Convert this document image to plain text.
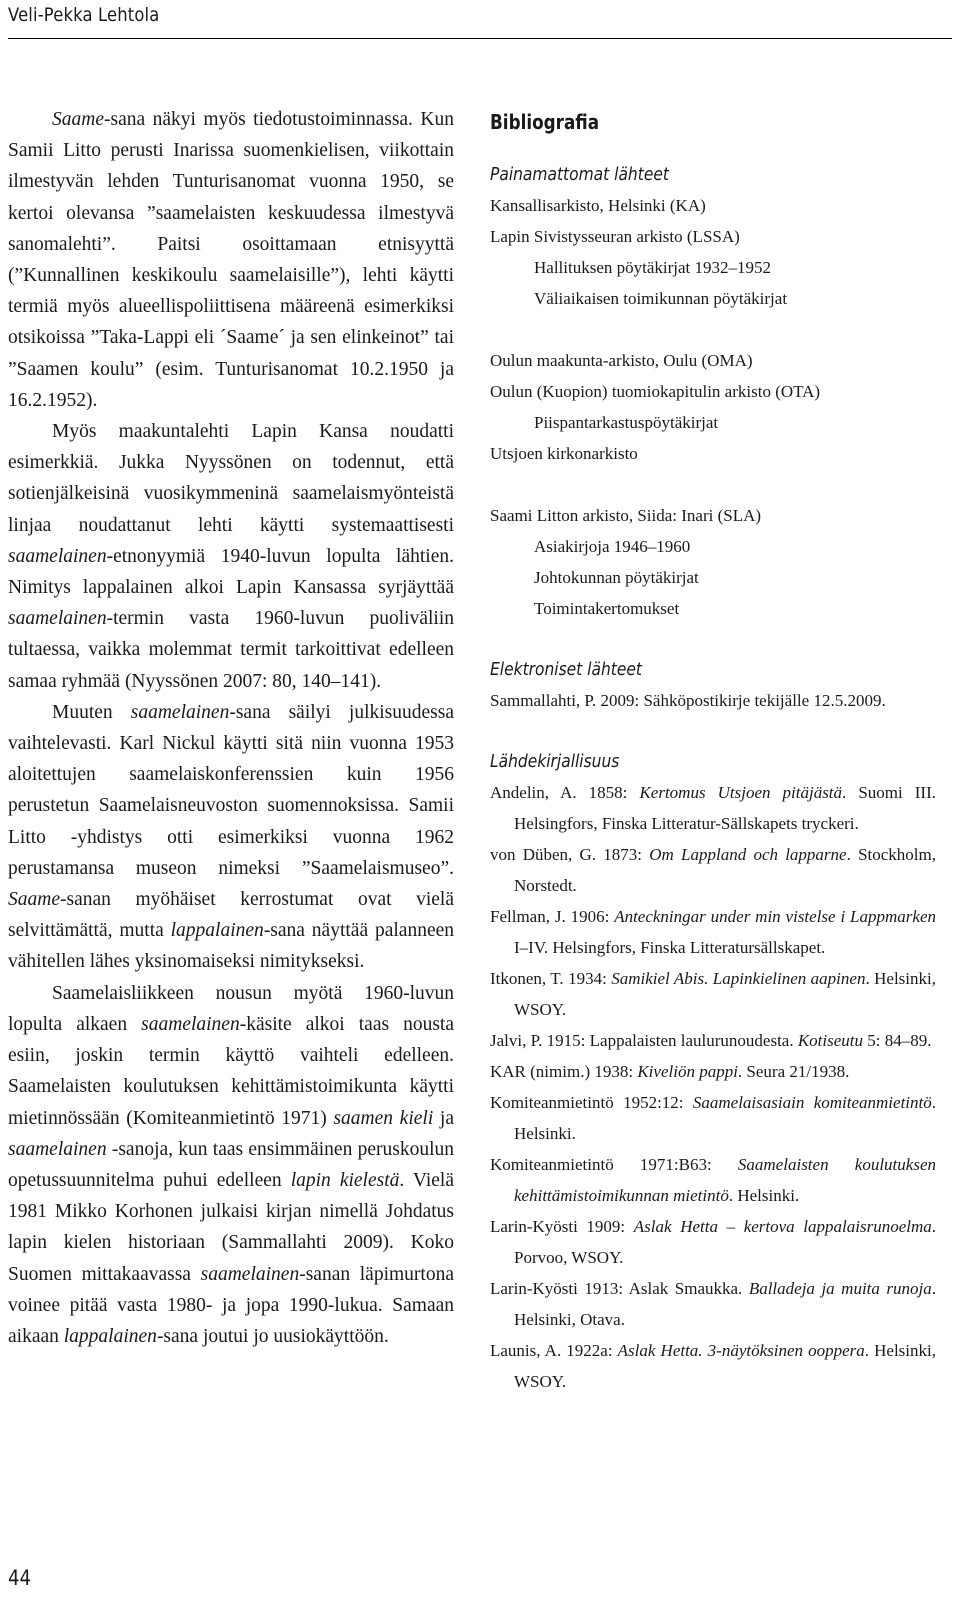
Veli-Pekka Lehtola

Saame-sana näkyi myös tiedotustoiminnassa. Kun Samii Litto perusti Inarissa suomenkielisen, viikottain ilmestyvän lehden Tunturisanomat vuonna 1950, se kertoi olevansa ”saamelaisten keskuudessa ilmestyvä sanomalehti”. Paitsi osoittamaan etnisyyttä (”Kunnallinen keskikoulu saamelaisille”), lehti käytti termiä myös alueellispoliittisena määreenä esimerkiksi otsikoissa ”Taka-Lappi eli ´Saame´ ja sen elinkeinot” tai ”Saamen koulu” (esim. Tunturisanomat 10.2.1950 ja 16.2.1952).

Myös maakuntalehti Lapin Kansa noudatti esimerkkiä. Jukka Nyyssönen on todennut, että sotienjälkeisinä vuosikymmeninä saamelaismyönteistä linjaa noudattanut lehti käytti systemaattisesti saamelainen-etnonyymiä 1940-luvun lopulta lähtien. Nimitys lappalainen alkoi Lapin Kansassa syrjäyttää saamelainen-termin vasta 1960-luvun puoliväliin tultaessa, vaikka molemmat termit tarkoittivat edelleen samaa ryhmää (Nyyssönen 2007: 80, 140–141).

Muuten saamelainen-sana säilyi julkisuudessa vaihtelevasti. Karl Nickul käytti sitä niin vuonna 1953 aloitettujen saamelaiskonferenssien kuin 1956 perustetun Saamelaisneuvoston suomennoksissa. Samii Litto -yhdistys otti esimerkiksi vuonna 1962 perustamansa museon nimeksi ”Saamelaismuseo”. Saame-sanan myöhäiset kerrostumat ovat vielä selvittämättä, mutta lappalainen-sana näyttää palanneen vähitellen lähes yksinomaiseksi nimitykseksi.

Saamelaisliikkeen nousun myötä 1960-luvun lopulta alkaen saamelainen-käsite alkoi taas nousta esiin, joskin termin käyttö vaihteli edelleen. Saamelaisten koulutuksen kehittämistoimikunta käytti mietinnössään (Komiteanmietintö 1971) saamen kieli ja saamelainen -sanoja, kun taas ensimmäinen peruskoulun opetussuunnitelma puhui edelleen lapin kielestä. Vielä 1981 Mikko Korhonen julkaisi kirjan nimellä Johdatus lapin kielen historiaan (Sammallahti 2009). Koko Suomen mittakaavassa saamelainen-sanan läpimurtona voinee pitää vasta 1980- ja jopa 1990-lukua. Samaan aikaan lappalainen-sana joutui jo uusiokäyttöön.

Bibliografia
Painamattomat lähteet
Kansallisarkisto, Helsinki (KA)
Lapin Sivistysseuran arkisto (LSSA)
Hallituksen pöytäkirjat 1932–1952
Väliaikaisen toimikunnan pöytäkirjat
Oulun maakunta-arkisto, Oulu (OMA)
Oulun (Kuopion) tuomiokapitulin arkisto (OTA)
Piispantarkastuspöytäkirjat
Utsjoen kirkonarkisto
Saami Litton arkisto, Siida: Inari (SLA)
Asiakirjoja 1946–1960
Johtokunnan pöytäkirjat
Toimintakertomukset
Elektroniset lähteet
Sammallahti, P. 2009: Sähköpostikirje tekijälle 12.5.2009.
Lähdekirjallisuus
Andelin, A. 1858: Kertomus Utsjoen pitäjästä. Suomi III. Helsingfors, Finska Litteratur-Sällskapets tryckeri.
von Düben, G. 1873: Om Lappland och lapparne. Stockholm, Norstedt.
Fellman, J. 1906: Anteckningar under min vistelse i Lappmarken I–IV. Helsingfors, Finska Litteratursällskapet.
Itkonen, T. 1934: Samikiel Abis. Lapinkielinen aapinen. Helsinki, WSOY.
Jalvi, P. 1915: Lappalaisten laulurunoudesta. Kotiseutu 5: 84–89.
KAR (nimim.) 1938: Kiveliön pappi. Seura 21/1938.
Komiteanmietintö 1952:12: Saamelaisasiain komiteanmietintö. Helsinki.
Komiteanmietintö 1971:B63: Saamelaisten koulutuksen kehittämistoimikunnan mietintö. Helsinki.
Larin-Kyösti 1909: Aslak Hetta – kertova lappalaisrunoelma. Porvoo, WSOY.
Larin-Kyösti 1913: Aslak Smaukka. Balladeja ja muita runoja. Helsinki, Otava.
Launis, A. 1922a: Aslak Hetta. 3-näytöksinen ooppera. Helsinki, WSOY.
44
